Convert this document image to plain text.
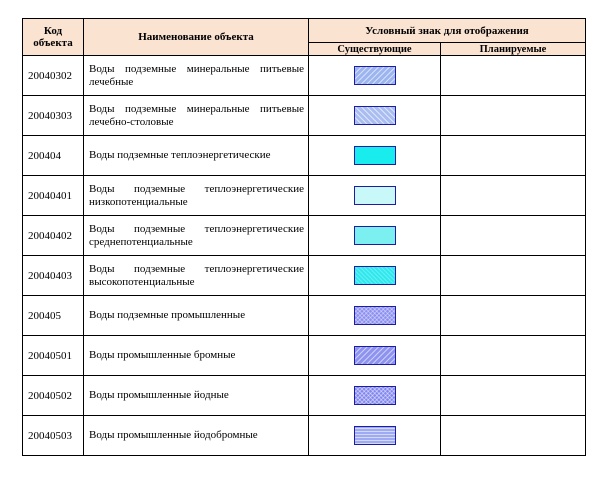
Код объекта	Наименование объекта	Условный знак для отображения	
		Существующие	Планируемые
20040302	Воды подземные минеральные питьевые лечебные		
20040303	Воды подземные минеральные питьевые лечебно-столовые		
200404	Воды подземные теплоэнергетические		
20040401	Воды подземные теплоэнергетические низкопотенциальные		
20040402	Воды подземные теплоэнергетические среднепотенциальные		
20040403	Воды подземные теплоэнергетические высокопотенциальные		
200405	Воды подземные промышленные		
20040501	Воды промышленные бромные		
20040502	Воды промышленные йодные		
20040503	Воды промышленные йодобромные		
